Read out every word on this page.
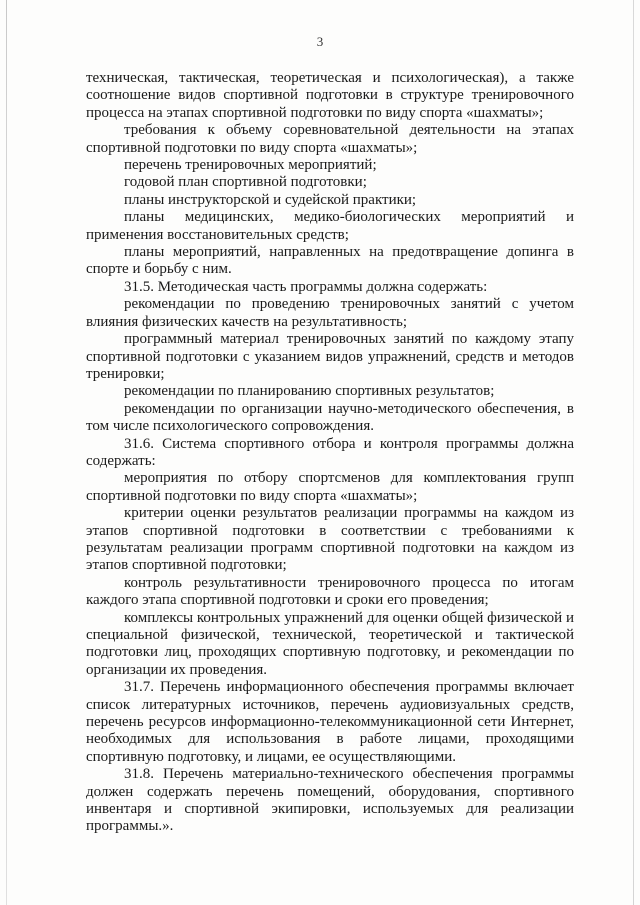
3

техническая, тактическая, теоретическая и психологическая), а также соотношение видов спортивной подготовки в структуре тренировочного процесса на этапах спортивной подготовки по виду спорта «шахматы»;

требования к объему соревновательной деятельности на этапах спортивной подготовки по виду спорта «шахматы»;

перечень тренировочных мероприятий;

годовой план спортивной подготовки;

планы инструкторской и судейской практики;

планы медицинских, медико-биологических мероприятий и применения восстановительных средств;

планы мероприятий, направленных на предотвращение допинга в спорте и борьбу с ним.

31.5. Методическая часть программы должна содержать:

рекомендации по проведению тренировочных занятий с учетом влияния физических качеств на результативность;

программный материал тренировочных занятий по каждому этапу спортивной подготовки с указанием видов упражнений, средств и методов тренировки;

рекомендации по планированию спортивных результатов;

рекомендации по организации научно-методического обеспечения, в том числе психологического сопровождения.

31.6. Система спортивного отбора и контроля программы должна содержать:

мероприятия по отбору спортсменов для комплектования групп спортивной подготовки по виду спорта «шахматы»;

критерии оценки результатов реализации программы на каждом из этапов спортивной подготовки в соответствии с требованиями к результатам реализации программ спортивной подготовки на каждом из этапов спортивной подготовки;

контроль результативности тренировочного процесса по итогам каждого этапа спортивной подготовки и сроки его проведения;

комплексы контрольных упражнений для оценки общей физической и специальной физической, технической, теоретической и тактической подготовки лиц, проходящих спортивную подготовку, и рекомендации по организации их проведения.

31.7. Перечень информационного обеспечения программы включает список литературных источников, перечень аудиовизуальных средств, перечень ресурсов информационно-телекоммуникационной сети Интернет, необходимых для использования в работе лицами, проходящими спортивную подготовку, и лицами, ее осуществляющими.

31.8. Перечень материально-технического обеспечения программы должен содержать перечень помещений, оборудования, спортивного инвентаря и спортивной экипировки, используемых для реализации программы.».
